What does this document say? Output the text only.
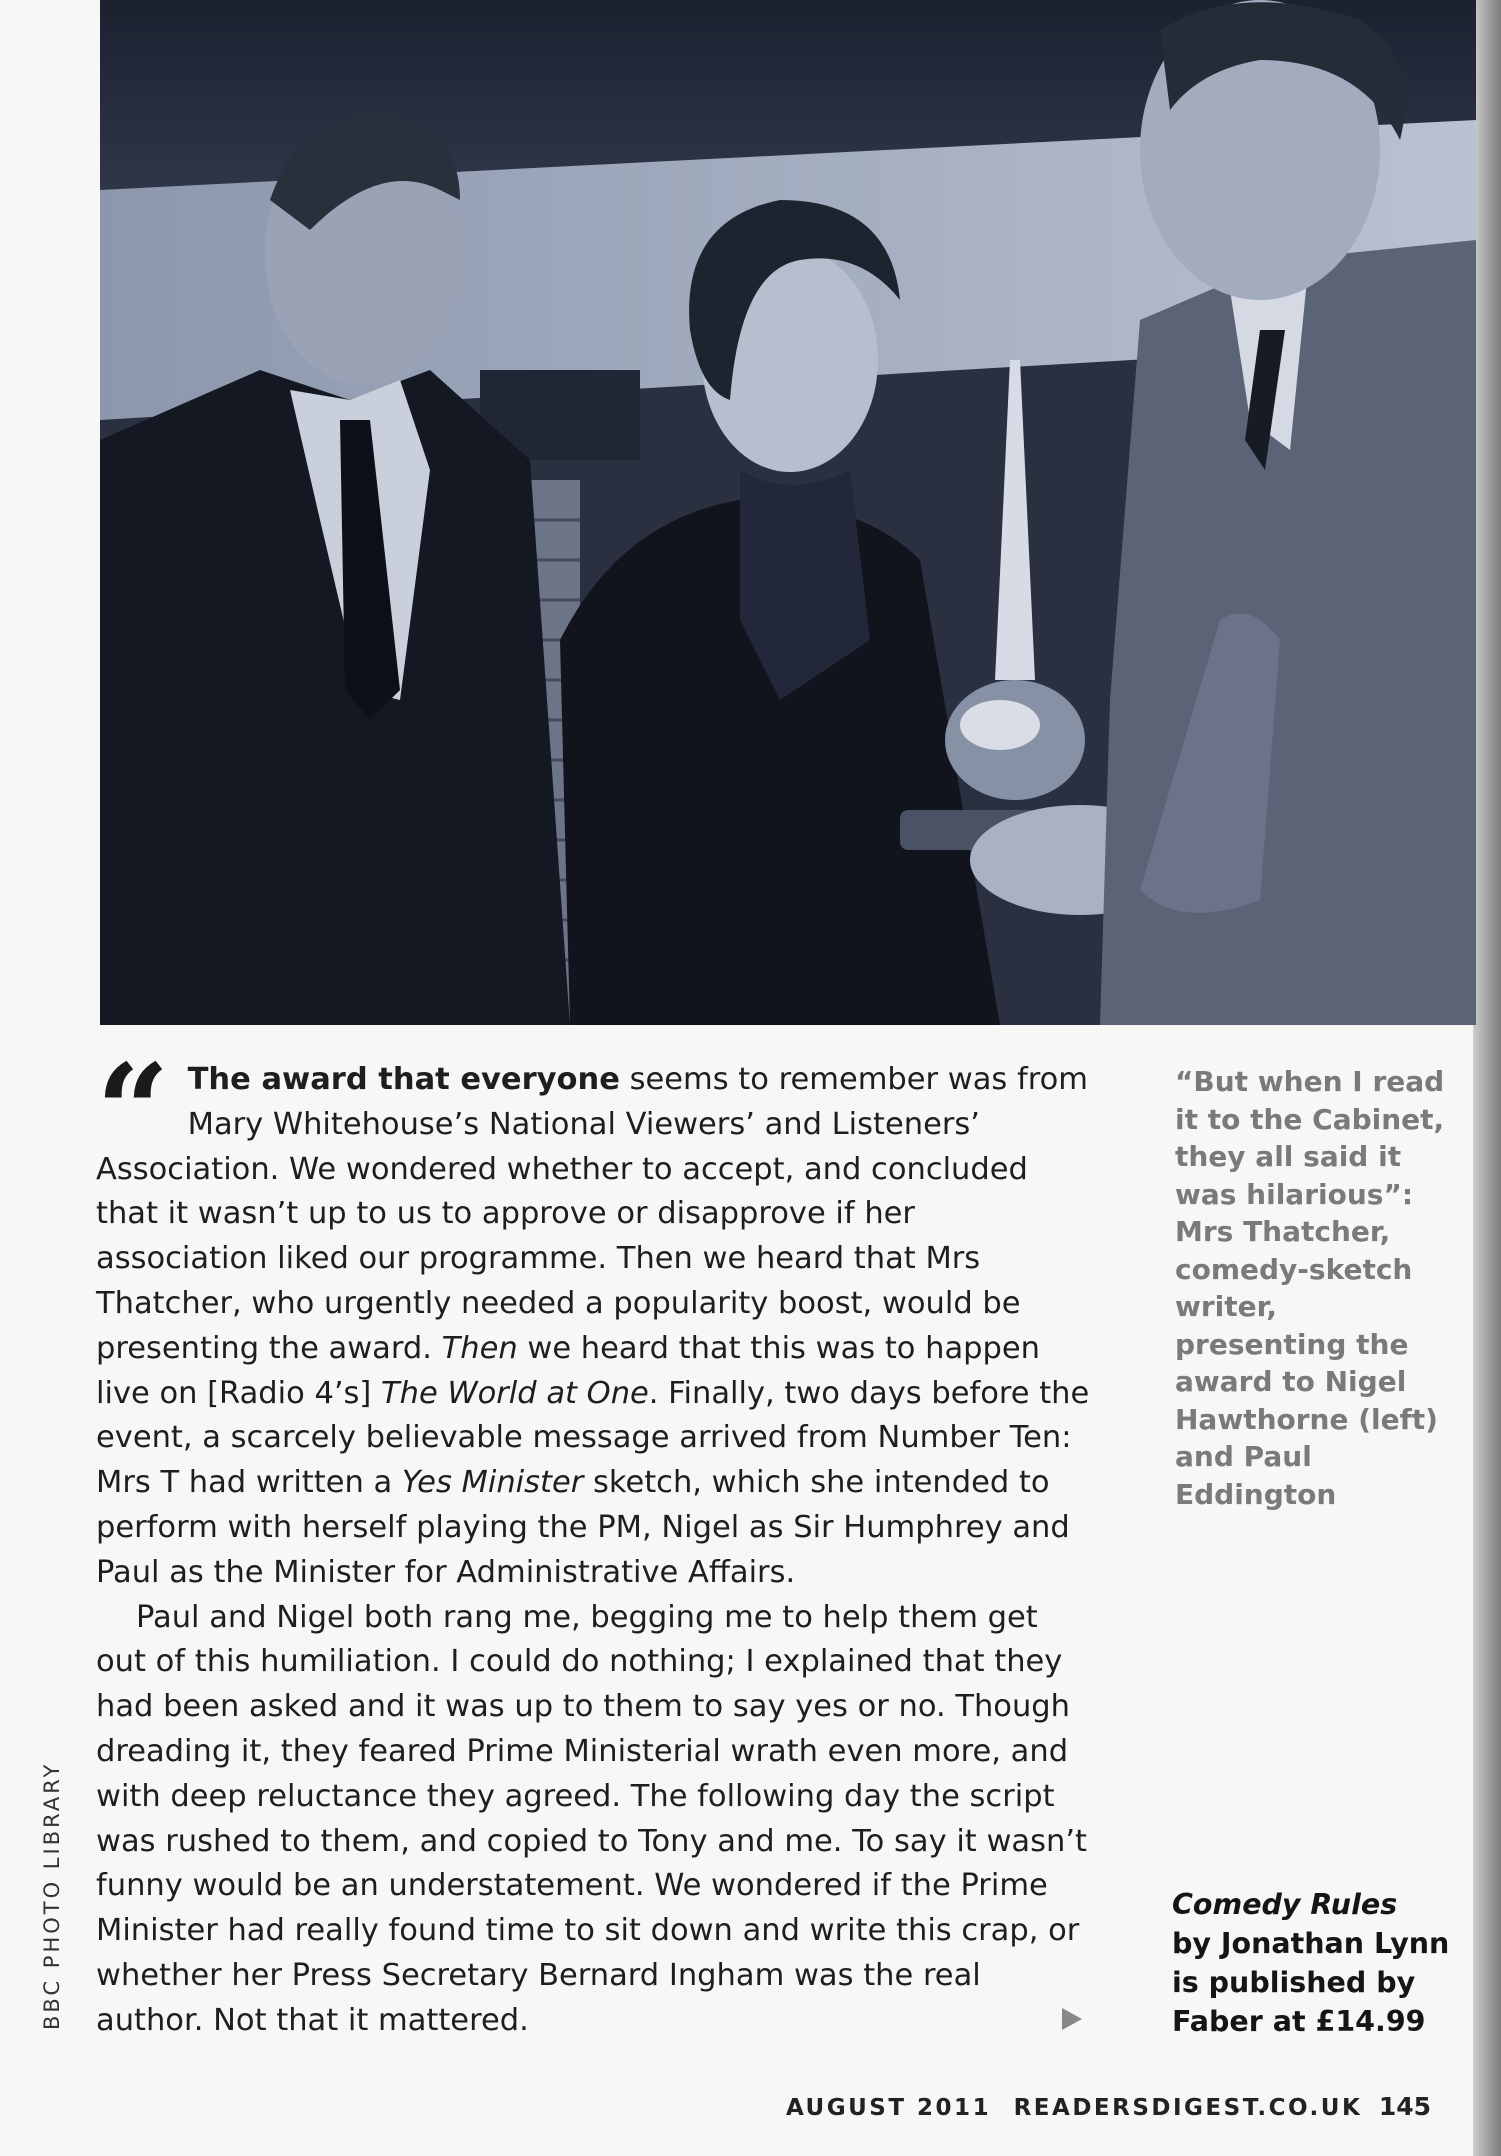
BBC PHOTO LIBRARY

“ The award that everyone seems to remember was from Mary Whitehouse’s National Viewers’ and Listeners’ Association. We wondered whether to accept, and concluded that it wasn’t up to us to approve or disapprove if her association liked our programme. Then we heard that Mrs Thatcher, who urgently needed a popularity boost, would be presenting the award. Then we heard that this was to happen live on [Radio 4’s] The World at One. Finally, two days before the event, a scarcely believable message arrived from Number Ten: Mrs T had written a Yes Minister sketch, which she intended to perform with herself playing the PM, Nigel as Sir Humphrey and Paul as the Minister for Administrative Affairs.

Paul and Nigel both rang me, begging me to help them get out of this humiliation. I could do nothing; I explained that they had been asked and it was up to them to say yes or no. Though dreading it, they feared Prime Ministerial wrath even more, and with deep reluctance they agreed. The following day the script was rushed to them, and copied to Tony and me. To say it wasn’t funny would be an understatement. We wondered if the Prime Minister had really found time to sit down and write this crap, or whether her Press Secretary Bernard Ingham was the real author. Not that it mattered.

“But when I read it to the Cabinet, they all said it was hilarious”: Mrs Thatcher, comedy-sketch writer, presenting the award to Nigel Hawthorne (left) and Paul Eddington
Comedy Rules
by Jonathan Lynn is published by Faber at £14.99
AUGUST 2011 READERSDIGEST.CO.UK 145
